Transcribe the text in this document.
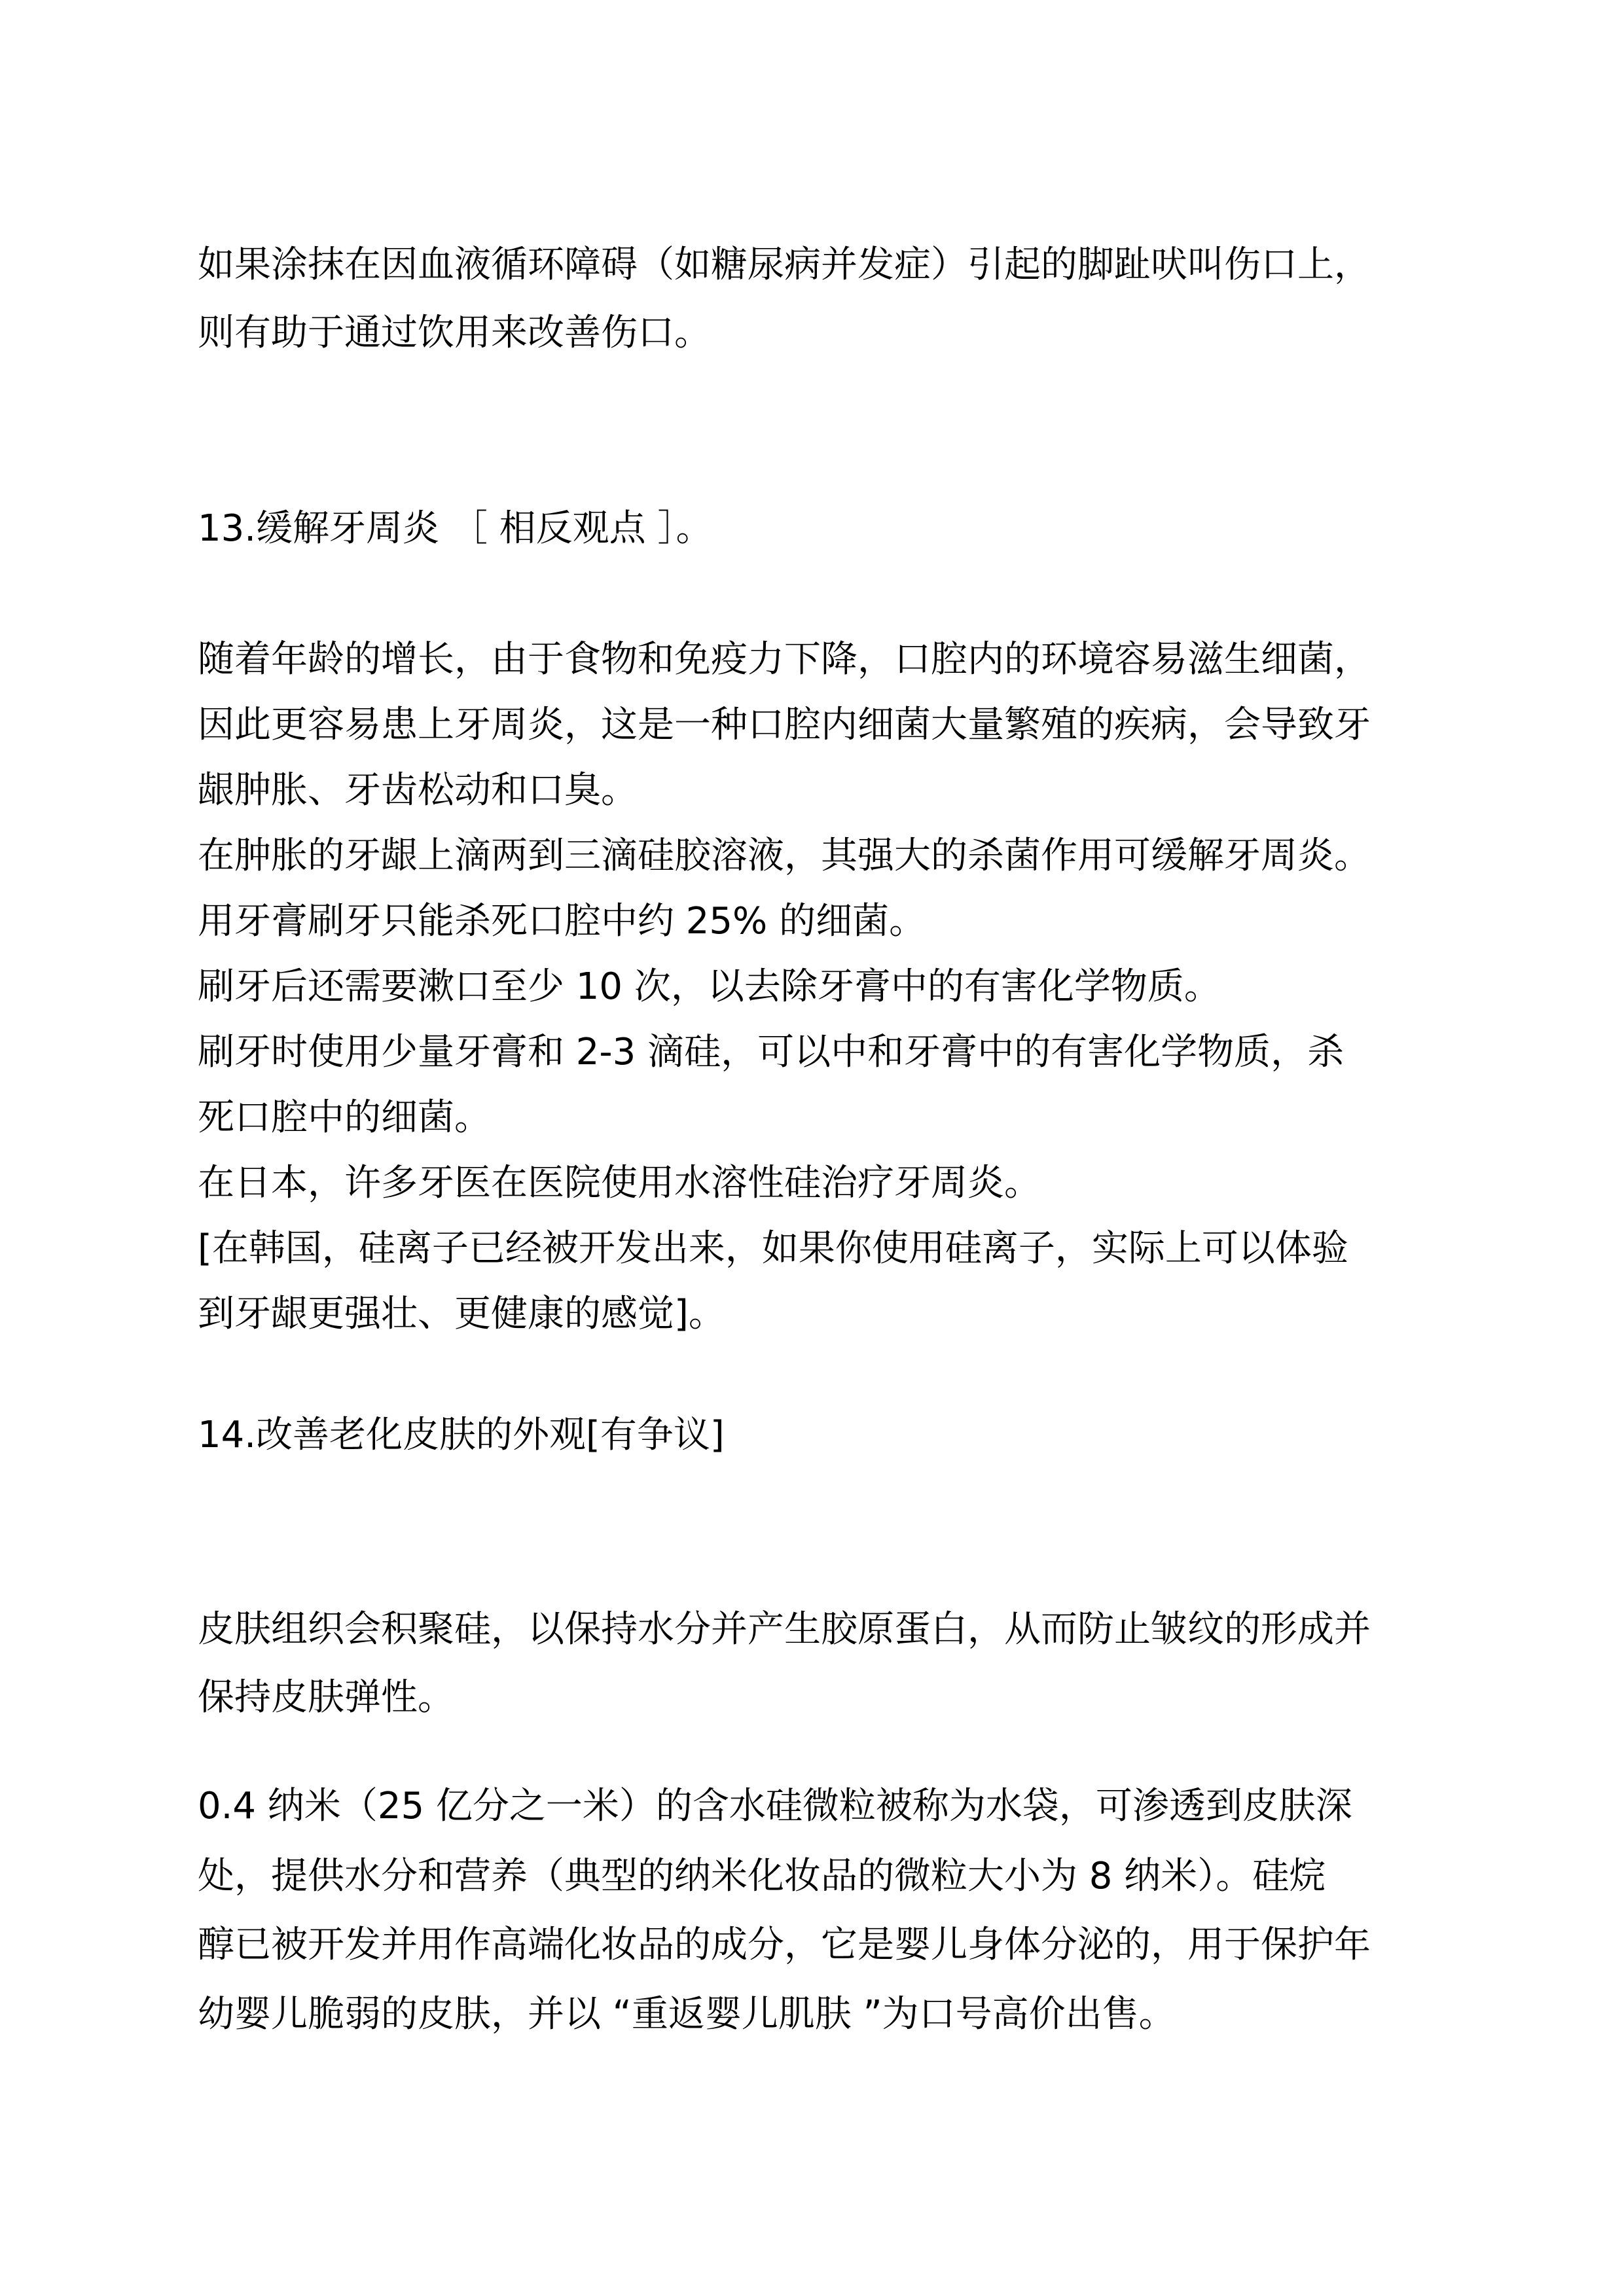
如果涂抹在因血液循环障碍（如糖尿病并发症）引起的脚趾吠叫伤口上，

则有助于通过饮用来改善伤口。

13.缓解牙周炎 ［ 相反观点 ］。

随着年龄的增长，由于食物和免疫力下降，口腔内的环境容易滋生细菌，

因此更容易患上牙周炎，这是一种口腔内细菌大量繁殖的疾病，会导致牙

龈肿胀、牙齿松动和口臭。

在肿胀的牙龈上滴两到三滴硅胶溶液，其强大的杀菌作用可缓解牙周炎。

用牙膏刷牙只能杀死口腔中约 25% 的细菌。

刷牙后还需要漱口至少 10 次，以去除牙膏中的有害化学物质。

刷牙时使用少量牙膏和 2-3 滴硅，可以中和牙膏中的有害化学物质，杀

死口腔中的细菌。

在日本，许多牙医在医院使用水溶性硅治疗牙周炎。

[在韩国，硅离子已经被开发出来，如果你使用硅离子，实际上可以体验

到牙龈更强壮、更健康的感觉]。

14.改善老化皮肤的外观[有争议]

皮肤组织会积聚硅，以保持水分并产生胶原蛋白，从而防止皱纹的形成并

保持皮肤弹性。

0.4 纳米（25 亿分之一米）的含水硅微粒被称为水袋，可渗透到皮肤深

处，提供水分和营养（典型的纳米化妆品的微粒大小为 8 纳米）。硅烷

醇已被开发并用作高端化妆品的成分，它是婴儿身体分泌的，用于保护年

幼婴儿脆弱的皮肤，并以 “重返婴儿肌肤 ”为口号高价出售。
